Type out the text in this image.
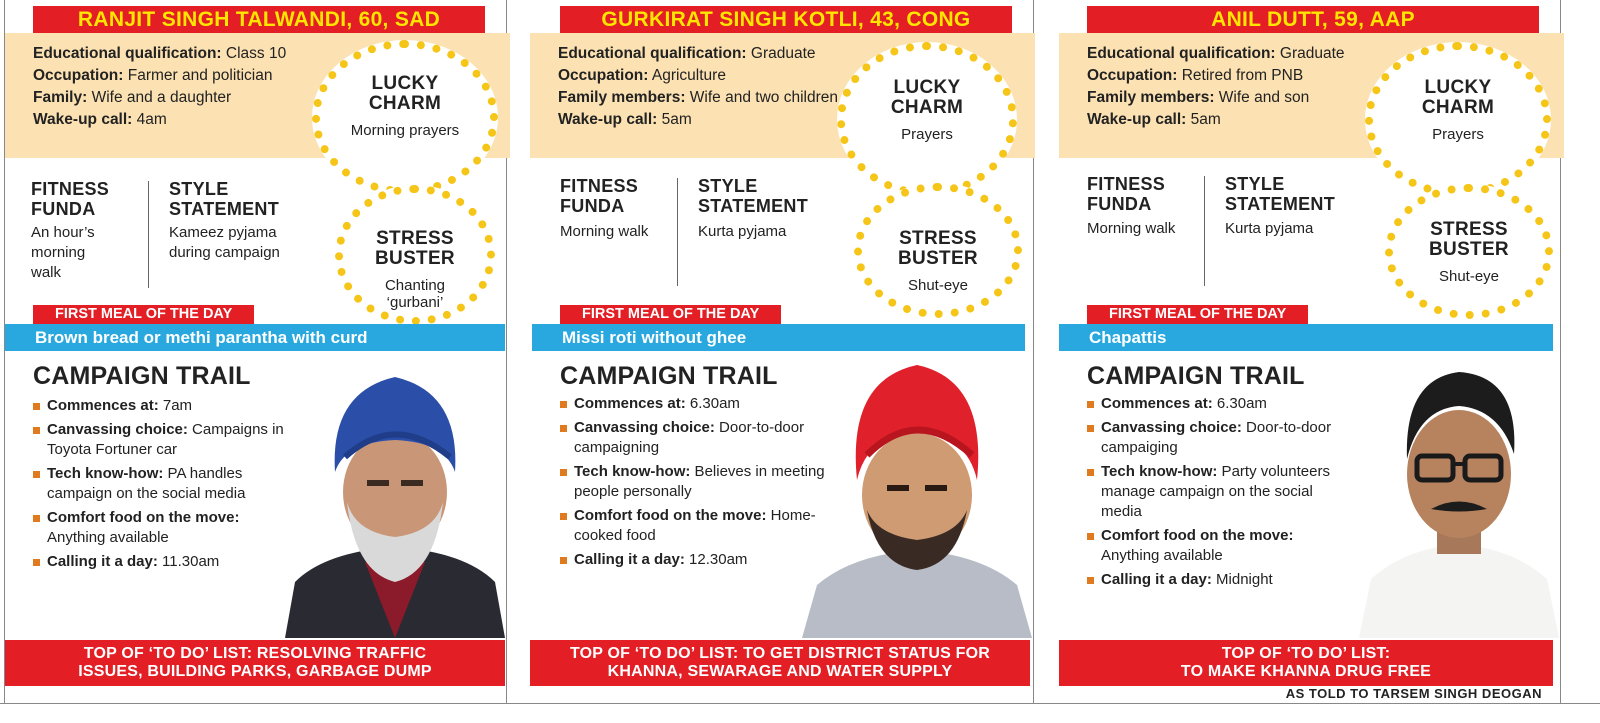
RANJIT SINGH TALWANDI, 60, SAD
Educational qualification: Class 10
Occupation: Farmer and politician
Family: Wife and a daughter
Wake-up call: 4am
LUCKY
CHARM
Morning prayers
STRESS
BUSTER
Chanting
‘gurbani’
FITNESS
FUNDA
An hour’s
morning
walk
STYLE
STATEMENT
Kameez pyjama
during campaign
FIRST MEAL OF THE DAY
Brown bread or methi parantha with curd
CAMPAIGN TRAIL
Commences at: 7am
Canvassing choice: Campaigns in Toyota Fortuner car
Tech know-how: PA handles campaign on the social media
Comfort food on the move: Anything available
Calling it a day: 11.30am
TOP OF ‘TO DO’ LIST: RESOLVING TRAFFIC
ISSUES, BUILDING PARKS, GARBAGE DUMP
GURKIRAT SINGH KOTLI, 43, CONG
Educational qualification: Graduate
Occupation: Agriculture
Family members: Wife and two children
Wake-up call: 5am
LUCKY
CHARM
Prayers
STRESS
BUSTER
Shut-eye
FITNESS
FUNDA
Morning walk
STYLE
STATEMENT
Kurta pyjama
FIRST MEAL OF THE DAY
Missi roti without ghee
CAMPAIGN TRAIL
Commences at: 6.30am
Canvassing choice: Door-to-door campaigning
Tech know-how: Believes in meeting people personally
Comfort food on the move: Home-cooked food
Calling it a day: 12.30am
TOP OF ‘TO DO’ LIST: TO GET DISTRICT STATUS FOR
KHANNA, SEWARAGE AND WATER SUPPLY
ANIL DUTT, 59, AAP
Educational qualification: Graduate
Occupation: Retired from PNB
Family members: Wife and son
Wake-up call: 5am
LUCKY
CHARM
Prayers
STRESS
BUSTER
Shut-eye
FITNESS
FUNDA
Morning walk
STYLE
STATEMENT
Kurta pyjama
FIRST MEAL OF THE DAY
Chapattis
CAMPAIGN TRAIL
Commences at: 6.30am
Canvassing choice: Door-to-door campaiging
Tech know-how: Party volunteers manage campaign on the social media
Comfort food on the move: Anything available
Calling it a day: Midnight
TOP OF ‘TO DO’ LIST:
TO MAKE KHANNA DRUG FREE
AS TOLD TO TARSEM SINGH DEOGAN
